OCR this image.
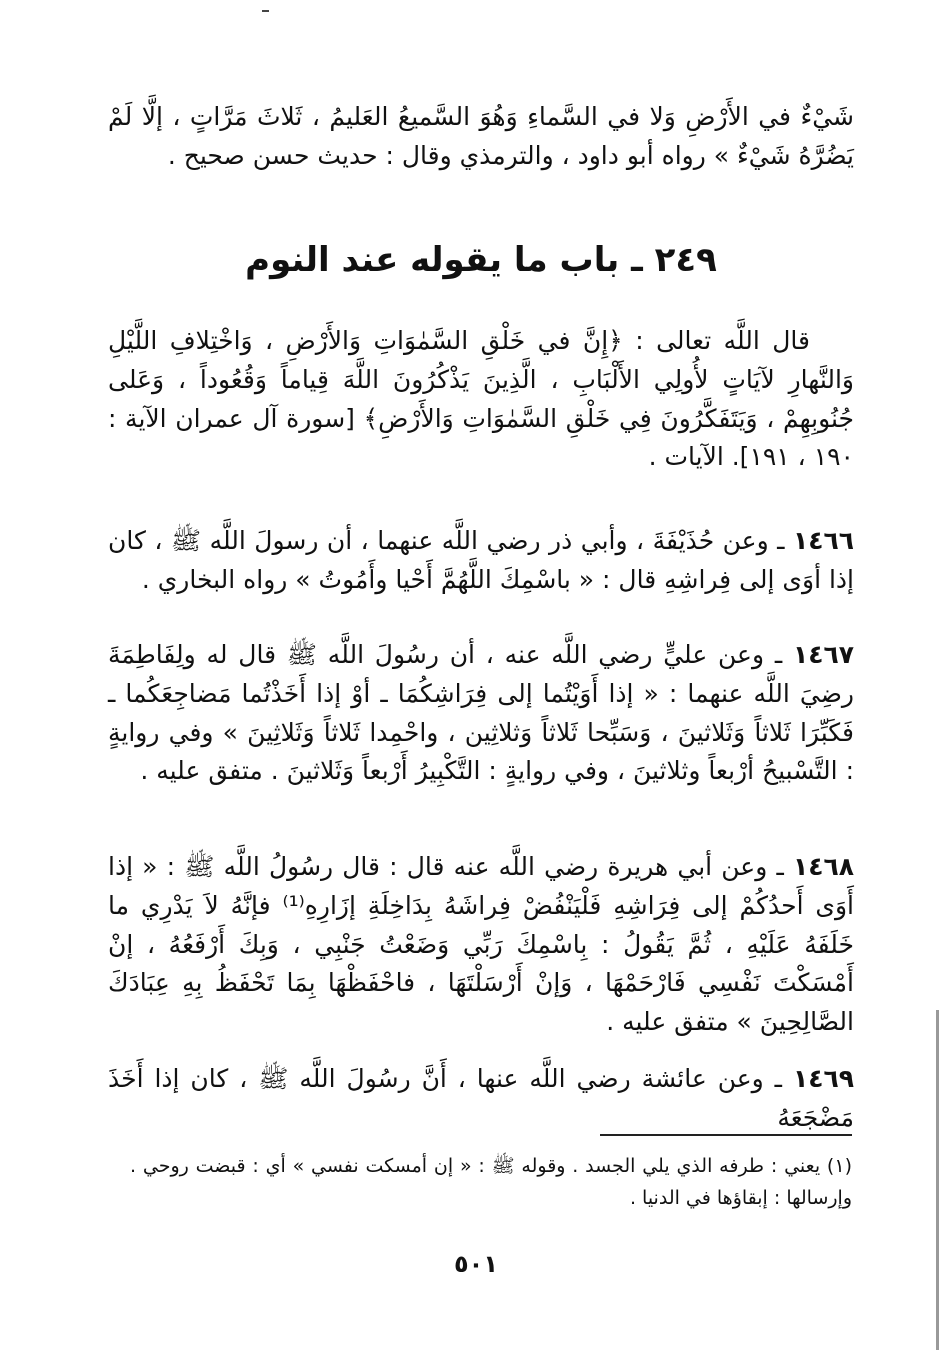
شَيْءٌ في الأَرْضِ وَلا في السَّماءِ وَهُوَ السَّميعُ العَليمُ ، ثَلاثَ مَرَّاتٍ ، إلَّا لَمْ يَضُرَّهُ شَيْءٌ » رواه أبو داود ، والترمذي وقال : حديث حسن صحيح .

٢٤٩ ـ باب ما يقوله عند النوم

قال اللَّه تعالى : ﴿إِنَّ في خَلْقِ السَّمٰوَاتِ وَالأَرْضِ ، وَاخْتِلافِ اللَّيْلِ وَالنَّهارِ لآيَاتٍ لأُولِي الأَلْبَابِ ، الَّذِينَ يَذْكُرُونَ اللَّهَ قِياماً وَقُعُوداً ، وَعَلى جُنُوبِهِمْ ، وَيَتَفَكَّرُونَ فِي خَلْقِ السَّمٰوَاتِ وَالأَرْضِ﴾ [سورة آل عمران الآية : ١٩٠ ، ١٩١]. الآيات .

١٤٦٦ ـ وعن حُذَيْفَةَ ، وأبي ذر رضي اللَّه عنهما ، أن رسولَ اللَّه ﷺ ، كان إذا أوَى إلى فِراشِهِ قال : « باسْمِكَ اللَّهُمَّ أَحْيا وأَمُوتُ » رواه البخاري .

١٤٦٧ ـ وعن عليٍّ رضي اللَّه عنه ، أن رسُولَ اللَّه ﷺ قال له ولِفَاطِمَةَ رضِيَ اللَّه عنهما : « إذا أَوَيْتُما إلى فِرَاشِكُمَا ـ أوْ إذا أَخَذْتُما مَضاجِعَكُما ـ فَكَبِّرَا ثَلاثاً وَثَلاثينَ ، وَسَبِّحا ثَلاثاً وَثلاثِين ، واحْمِدا ثَلاثاً وَثَلاثِينَ » وفي روايةٍ : التَّسْبيحُ أرْبعاً وثلاثينَ ، وفي روايةٍ : التَّكْبِيرُ أَرْبعاً وَثَلاثينَ . متفق عليه .

١٤٦٨ ـ وعن أبي هريرة رضي اللَّه عنه قال : قال رسُولُ اللَّه ﷺ : « إذا أَوَى أَحدُكُمْ إلى فِرَاشِهِ فَلْيَنْفُضْ فِراشَهُ بِدَاخِلَةِ إزَارِهِ⁽¹⁾ فإنَّهُ لاَ يَدْرِي ما خَلَفَهُ عَلَيْهِ ، ثُمَّ يَقُولُ : بِاسْمِكَ رَبِّي وَضَعْتُ جَنْبِي ، وَبِكَ أَرْفَعُهُ ، إنْ أَمْسَكْتَ نَفْسِي فَارْحَمْهَا ، وَإنْ أَرْسَلْتَهَا ، فاحْفَظْهَا بِمَا تَحْفَظُ بِهِ عِبَادَكَ الصَّالِحِينَ » متفق عليه .

١٤٦٩ ـ وعن عائشة رضي اللَّه عنها ، أَنَّ رسُولَ اللَّه ﷺ ، كان إذا أَخَذَ مَضْجَعَهُ

(١) يعني : طرفه الذي يلي الجسد . وقوله ﷺ : « إن أمسكت نفسي » أي : قبضت روحي . وإرسالها : إبقاؤها في الدنيا .

٥٠١
